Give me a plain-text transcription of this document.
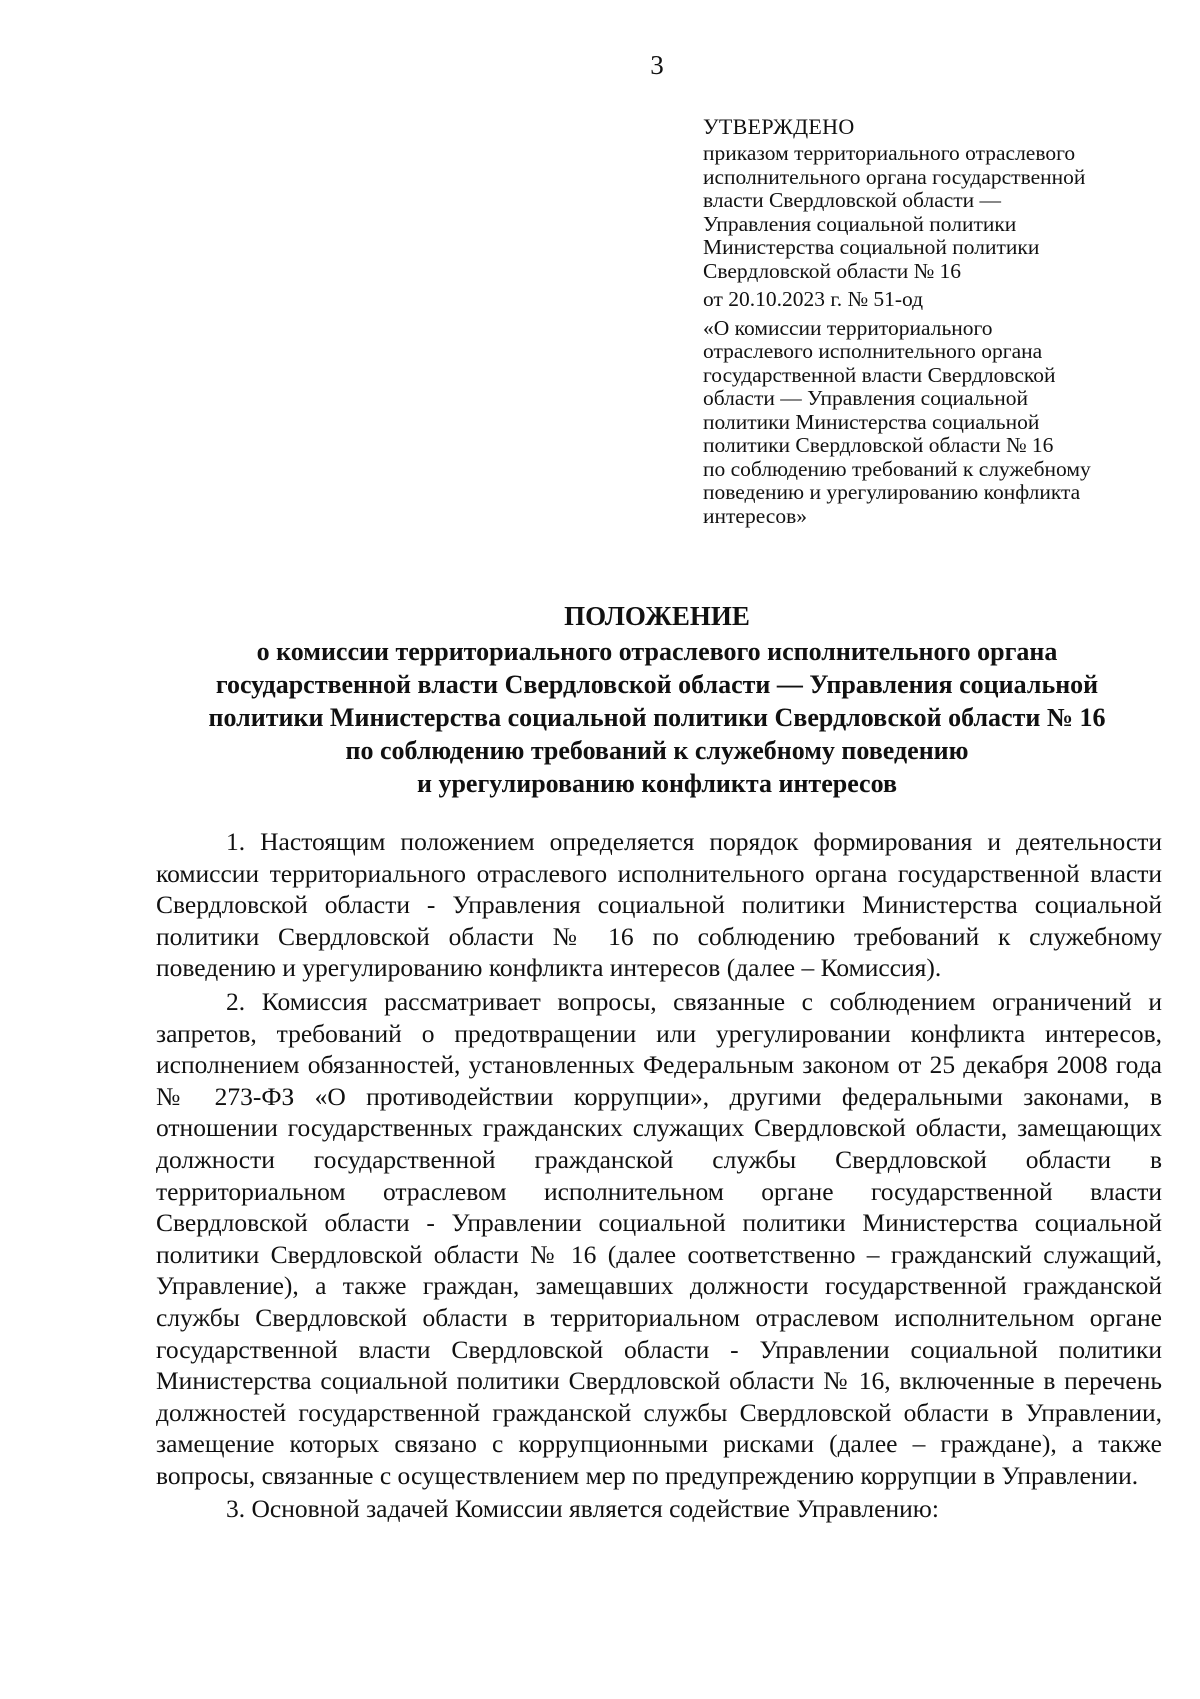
3
УТВЕРЖДЕНО
приказом территориального отраслевого
исполнительного органа государственной
власти Свердловской области —
Управления социальной политики
Министерства социальной политики
Свердловской области № 16
от 20.10.2023 г. № 51-од
«О комиссии территориального
отраслевого исполнительного органа
государственной власти Свердловской
области — Управления социальной
политики Министерства социальной
политики Свердловской области № 16
по соблюдению требований к служебному
поведению и урегулированию конфликта
интересов»
ПОЛОЖЕНИЕ
о комиссии территориального отраслевого исполнительного органа
государственной власти Свердловской области — Управления социальной
политики Министерства социальной политики Свердловской области № 16
по соблюдению требований к служебному поведению
и урегулированию конфликта интересов

1. Настоящим положением определяется порядок формирования и деятельности комиссии территориального отраслевого исполнительного органа государственной власти Свердловской области - Управления социальной политики Министерства социальной политики Свердловской области № 16 по соблюдению требований к служебному поведению и урегулированию конфликта интересов (далее – Комиссия).

2. Комиссия рассматривает вопросы, связанные с соблюдением ограничений и запретов, требований о предотвращении или урегулировании конфликта интересов, исполнением обязанностей, установленных Федеральным законом от 25 декабря 2008 года № 273-ФЗ «О противодействии коррупции», другими федеральными законами, в отношении государственных гражданских служащих Свердловской области, замещающих должности государственной гражданской службы Свердловской области в территориальном отраслевом исполнительном органе государственной власти Свердловской области - Управлении социальной политики Министерства социальной политики Свердловской области № 16 (далее соответственно – гражданский служащий, Управление), а также граждан, замещавших должности государственной гражданской службы Свердловской области в территориальном отраслевом исполнительном органе государственной власти Свердловской области - Управлении социальной политики Министерства социальной политики Свердловской области № 16, включенные в перечень должностей государственной гражданской службы Свердловской области в Управлении, замещение которых связано с коррупционными рисками (далее – граждане), а также вопросы, связанные с осуществлением мер по предупреждению коррупции в Управлении.

3. Основной задачей Комиссии является содействие Управлению:
